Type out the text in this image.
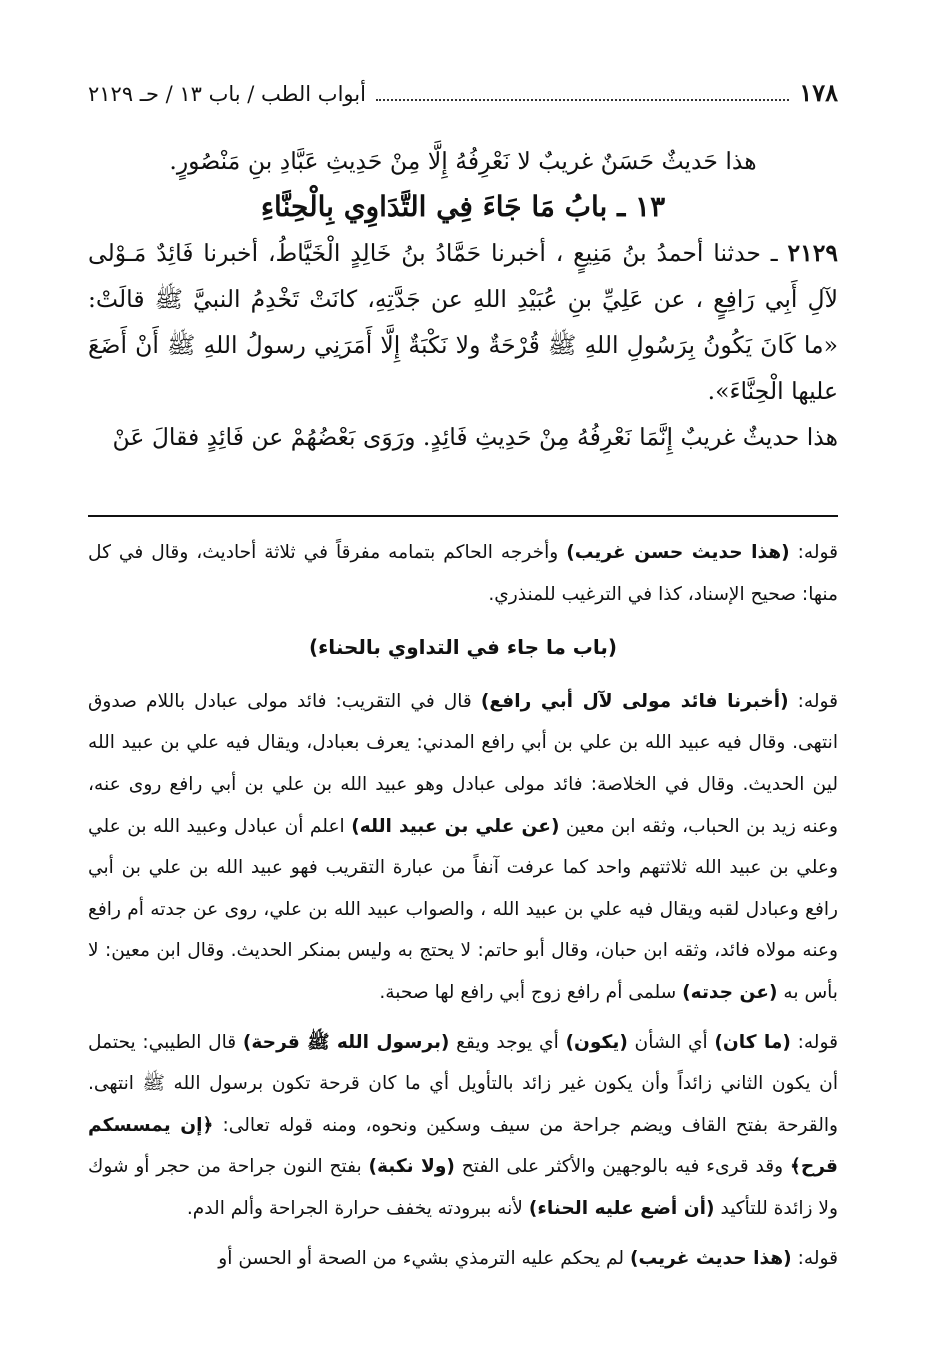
١٧٨
أبواب الطب / باب ١٣ / حـ ٢١٢٩

هذا حَديثٌ حَسَنٌ غريبٌ لا نَعْرِفُهُ إِلَّا مِنْ حَدِيثِ عَبَّادِ بنِ مَنْصُورٍ.

١٣ ـ بابُ مَا جَاءَ فِي التَّدَاوِي بِالْحِنَّاءِ

٢١٢٩ ـ حدثنا أحمدُ بنُ مَنِيعٍ ، أخبرنا حَمَّادُ بنُ خَالِدٍ الْخَيَّاطُ، أخبرنا فَائِدٌ مَـوْلى لآلِ أَبِي رَافِعٍ ، عن عَلِيِّ بنِ عُبَيْدِ اللهِ عن جَدَّتِهِ، كانَتْ تَخْدِمُ النبيَّ ﷺ قالَتْ: «ما كَانَ يَكُونُ بِرَسُولِ اللهِ ﷺ قُرْحَةٌ ولا نَكْبَةٌ إِلَّا أَمَرَنِي رسولُ اللهِ ﷺ أَنْ أَضَعَ عليها الْحِنَّاءَ».

هذا حديثٌ غريبٌ إِنَّمَا نَعْرِفُهُ مِنْ حَدِيثِ فَائِدٍ. ورَوَى بَعْضُهُمْ عن فَائِدٍ فقالَ عَنْ

قوله: (هذا حديث حسن غريب) وأخرجه الحاكم بتمامه مفرقاً في ثلاثة أحاديث، وقال في كل منها: صحيح الإسناد، كذا في الترغيب للمنذري.

(باب ما جاء في التداوي بالحناء)

قوله: (أخبرنا فائد مولى لآل أبي رافع) قال في التقريب: فائد مولى عبادل باللام صدوق انتهى. وقال فيه عبيد الله بن علي بن أبي رافع المدني: يعرف بعبادل، ويقال فيه علي بن عبيد الله لين الحديث. وقال في الخلاصة: فائد مولى عبادل وهو عبيد الله بن علي بن أبي رافع روى عنه، وعنه زيد بن الحباب، وثقه ابن معين (عن علي بن عبيد الله) اعلم أن عبادل وعبيد الله بن علي وعلي بن عبيد الله ثلاثتهم واحد كما عرفت آنفاً من عبارة التقريب فهو عبيد الله بن علي بن أبي رافع وعبادل لقبه ويقال فيه علي بن عبيد الله ، والصواب عبيد الله بن علي، روى عن جدته أم رافع وعنه مولاه فائد، وثقه ابن حبان، وقال أبو حاتم: لا يحتج به وليس بمنكر الحديث. وقال ابن معين: لا بأس به (عن جدته) سلمى أم رافع زوج أبي رافع لها صحبة.

قوله: (ما كان) أي الشأن (يكون) أي يوجد ويقع (برسول الله ﷺ قرحة) قال الطيبي: يحتمل أن يكون الثاني زائداً وأن يكون غير زائد بالتأويل أي ما كان قرحة تكون برسول الله ﷺ انتهى. والقرحة بفتح القاف ويضم جراحة من سيف وسكين ونحوه، ومنه قوله تعالى: ﴿إن يمسسكم قرح﴾ وقد قرىء فيه بالوجهين والأكثر على الفتح (ولا نكبة) بفتح النون جراحة من حجر أو شوك ولا زائدة للتأكيد (أن أضع عليه الحناء) لأنه ببرودته يخفف حرارة الجراحة وألم الدم.

قوله: (هذا حديث غريب) لم يحكم عليه الترمذي بشيء من الصحة أو الحسن أو
